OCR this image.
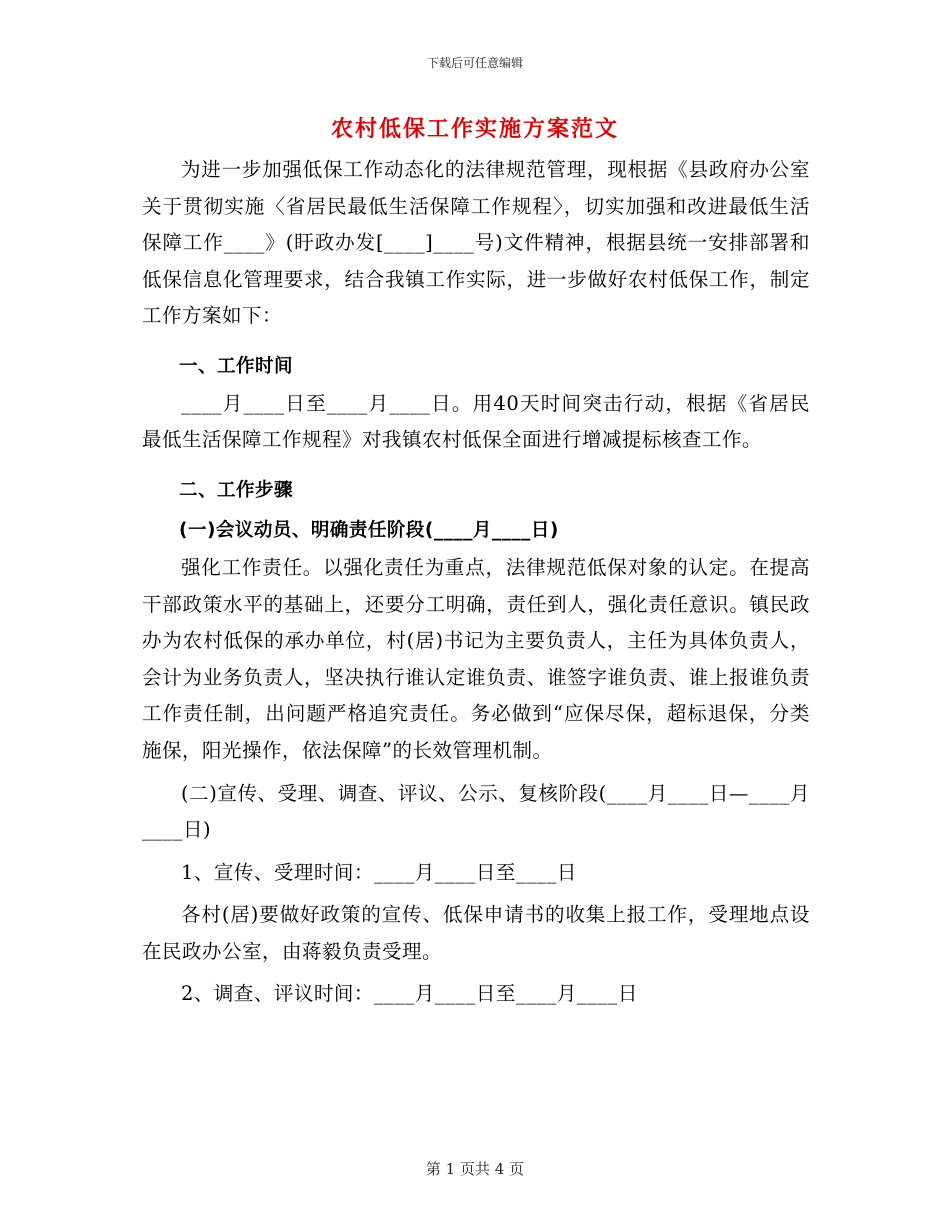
下载后可任意编辑
农村低保工作实施方案范文

为进一步加强低保工作动态化的法律规范管理，现根据《县政府办公室关于贯彻实施〈省居民最低生活保障工作规程〉，切实加强和改进最低生活保障工作____》(盱政办发[____]____号)文件精神，根据县统一安排部署和低保信息化管理要求，结合我镇工作实际，进一步做好农村低保工作，制定工作方案如下：

一、工作时间

____月____日至____月____日。用40天时间突击行动，根据《省居民最低生活保障工作规程》对我镇农村低保全面进行增减提标核查工作。

二、工作步骤

(一)会议动员、明确责任阶段(____月____日)

强化工作责任。以强化责任为重点，法律规范低保对象的认定。在提高干部政策水平的基础上，还要分工明确，责任到人，强化责任意识。镇民政办为农村低保的承办单位，村(居)书记为主要负责人，主任为具体负责人，会计为业务负责人，坚决执行谁认定谁负责、谁签字谁负责、谁上报谁负责工作责任制，出问题严格追究责任。务必做到“应保尽保，超标退保，分类施保，阳光操作，依法保障”的长效管理机制。

(二)宣传、受理、调查、评议、公示、复核阶段(____月____日—____月____日)

1、宣传、受理时间：____月____日至____日

各村(居)要做好政策的宣传、低保申请书的收集上报工作，受理地点设在民政办公室，由蒋毅负责受理。

2、调查、评议时间：____月____日至____月____日

第 1 页共 4 页
